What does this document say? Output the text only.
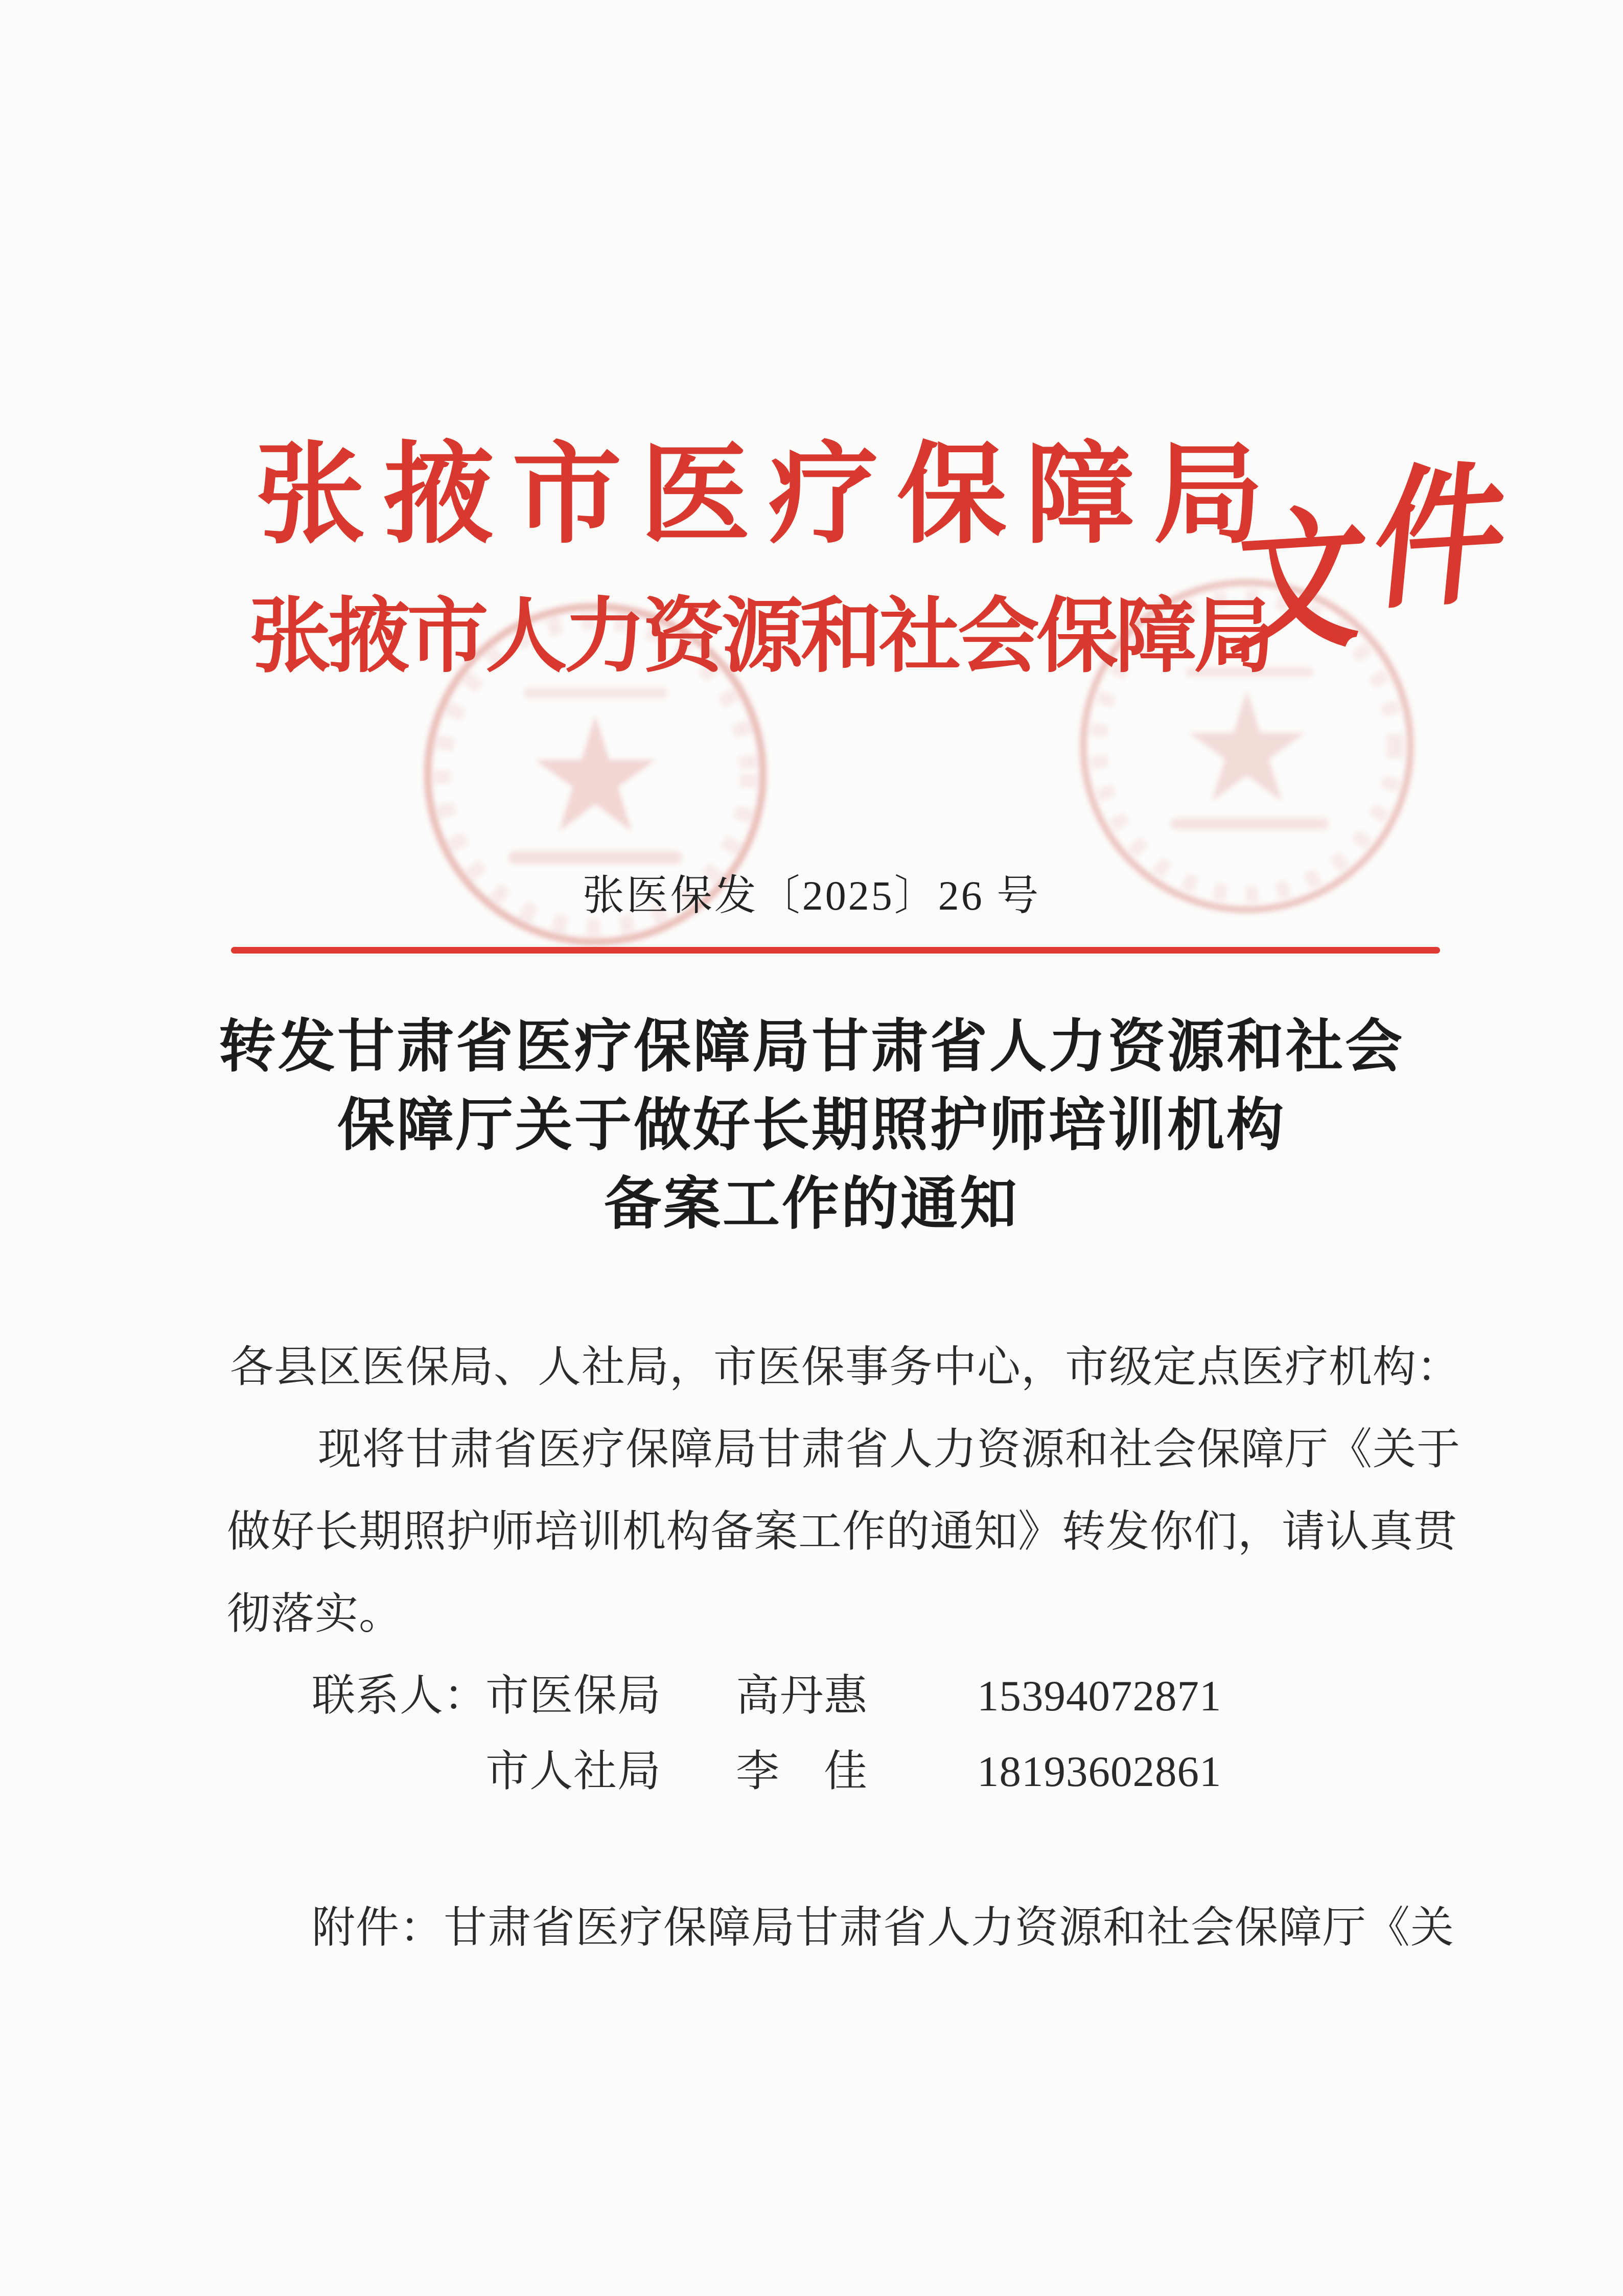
张掖市医疗保障局
张掖市人力资源和社会保障局
文
件
张医保发〔2025〕26 号
转发甘肃省医疗保障局甘肃省人力资源和社会
保障厅关于做好长期照护师培训机构
备案工作的通知
各县区医保局、人社局，市医保事务中心，市级定点医疗机构：
现将甘肃省医疗保障局甘肃省人力资源和社会保障厅《关于
做好长期照护师培训机构备案工作的通知》转发你们，请认真贯
彻落实。
联系人：
市医保局 高丹惠	15394072871
市人社局 李　佳	18193602861
附件：甘肃省医疗保障局甘肃省人力资源和社会保障厅《关
